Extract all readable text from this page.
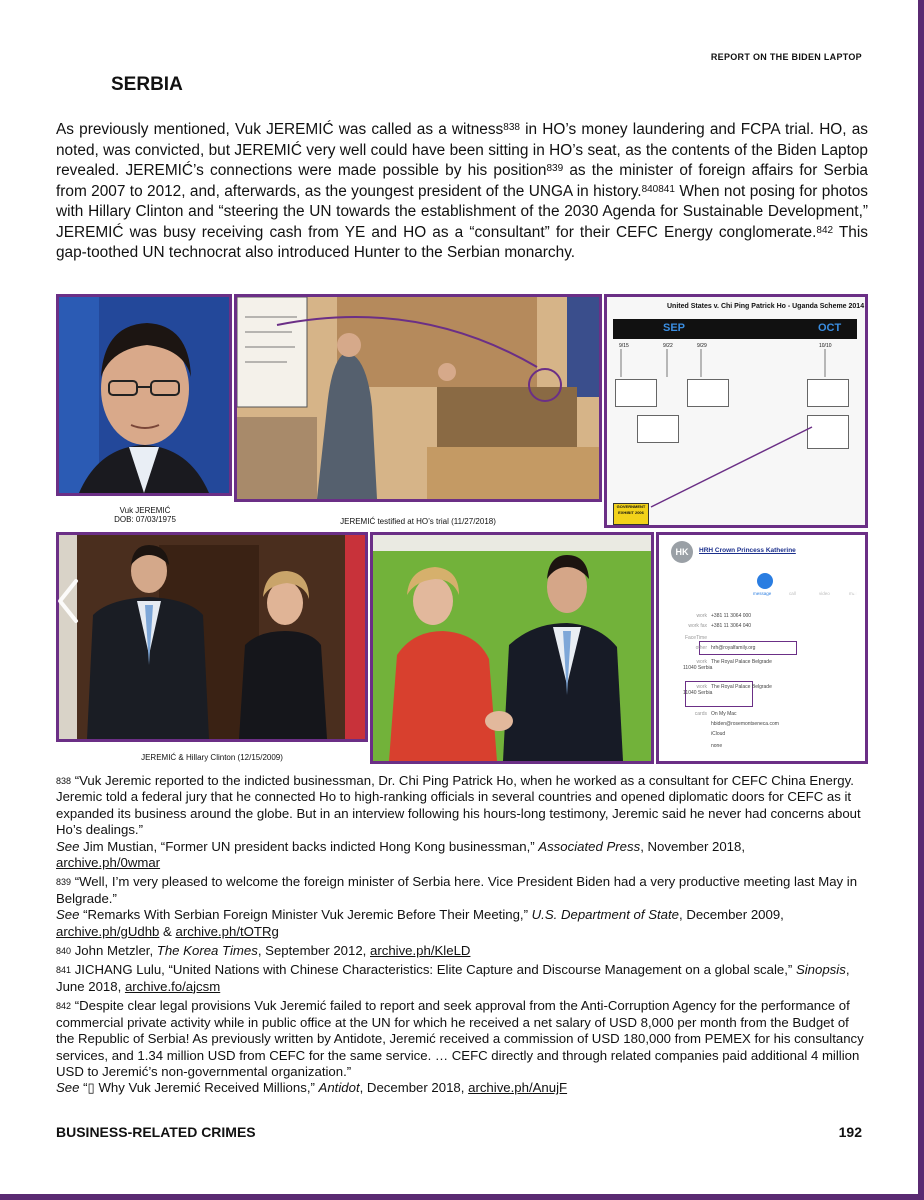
REPORT ON THE BIDEN LAPTOP
SERBIA
As previously mentioned, Vuk JEREMIĆ was called as a witness$^{838}$ in HO’s money laundering and FCPA trial. HO, as noted, was convicted, but JEREMIĆ very well could have been sitting in HO’s seat, as the contents of the Biden Laptop revealed. JEREMIĆ’s connections were made possible by his position$^{839}$ as the minister of foreign affairs for Serbia from 2007 to 2012, and, afterwards, as the youngest president of the UNGA in history.$^{840841}$ When not posing for photos with Hillary Clinton and “steering the UN towards the establishment of the 2030 Agenda for Sustainable Development,” JEREMIĆ was busy receiving cash from YE and HO as a “consultant” for their CEFC Energy conglomerate.$^{842}$ This gap-toothed UN technocrat also introduced Hunter to the Serbian monarchy.
United States v. Chi Ping Patrick Ho - Uganda Scheme 2014
SEP	OCT
9/15	9/22	9/29	10/10
GOVERNMENT EXHIBIT 2006
Vuk JEREMIĆ
DOB: 07/03/1975	JEREMIĆ testified at HO’s trial (11/27/2018)
HK	HRH Crown Princess Katherine
message	call	video	mail
work +381 11 3064 000
work fax +381 11 3064 040
FaceTime
other hrh@royalfamily.org
work The Royal Palace Belgrade 11040 Serbia
work The Royal Palace Belgrade 11040 Serbia
cards On My Mac
hbiden@rosemontseneca.com
iCloud
none
JEREMIĆ & Hillary Clinton (12/15/2009)
$^{838}$ “Vuk Jeremic reported to the indicted businessman, Dr. Chi Ping Patrick Ho, when he worked as a consultant for CEFC China Energy. Jeremic told a federal jury that he connected Ho to high-ranking officials in several countries and opened diplomatic doors for CEFC as it expanded its business around the globe. But in an interview following his hours-long testimony, Jeremic said he never had concerns about Ho’s dealings.”
See Jim Mustian, “Former UN president backs indicted Hong Kong businessman,” Associated Press, November 2018,
archive.ph/0wmar
$^{839}$ “Well, I’m very pleased to welcome the foreign minister of Serbia here. Vice President Biden had a very productive meeting last May in Belgrade.”
See “Remarks With Serbian Foreign Minister Vuk Jeremic Before Their Meeting,” U.S. Department of State, December 2009, archive.ph/gUdhb & archive.ph/tOTRg
$^{840}$ John Metzler, The Korea Times, September 2012, archive.ph/KleLD
$^{841}$ JICHANG Lulu, “United Nations with Chinese Characteristics: Elite Capture and Discourse Management on a global scale,” Sinopsis, June 2018, archive.fo/ajcsm
$^{842}$ “Despite clear legal provisions Vuk Jeremić failed to report and seek approval from the Anti-Corruption Agency for the performance of commercial private activity while in public office at the UN for which he received a net salary of USD 8,000 per month from the Budget of the Republic of Serbia! As previously written by Antidote, Jeremić received a commission of USD 180,000 from PEMEX for his consultancy services, and 1.34 million USD from CEFC for the same service. … CEFC directly and through related companies paid additional 4 million USD to Jeremić’s non-governmental organization.”
See “▯ Why Vuk Jeremić Received Millions,” Antidot, December 2018, archive.ph/AnujF
BUSINESS-RELATED CRIMES	192
